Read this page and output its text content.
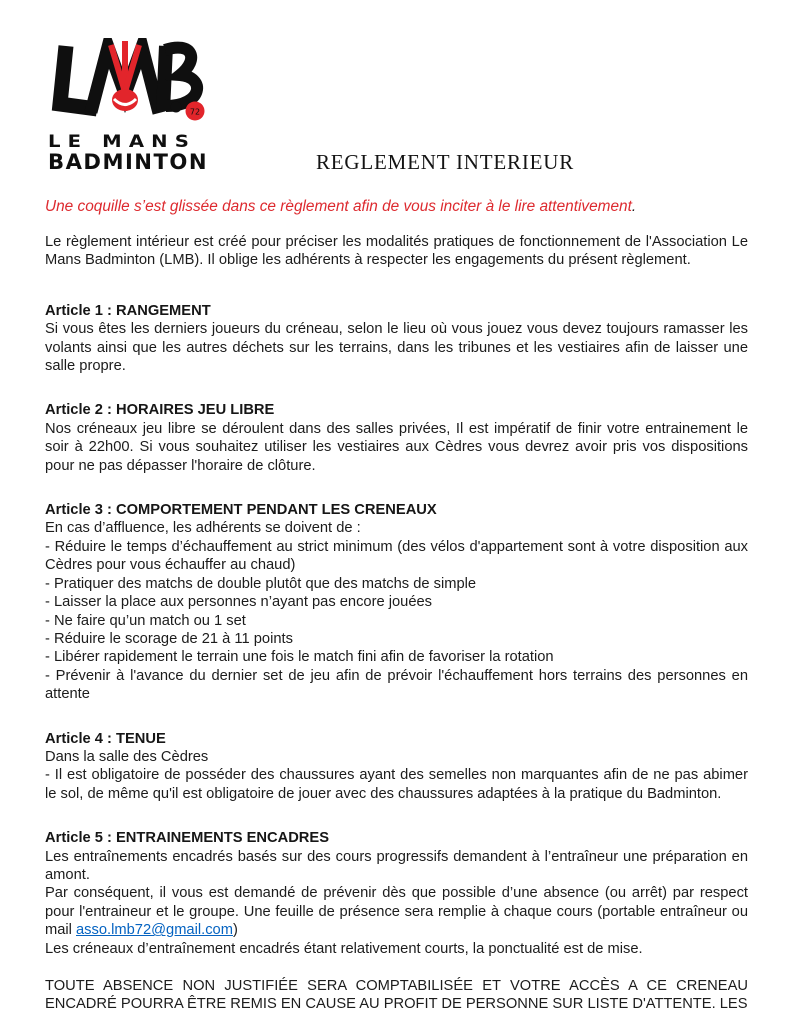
72
LE MANS
BADMINTON	REGLEMENT INTERIEUR

Une coquille s’est glissée dans ce règlement afin de vous inciter à le lire attentivement.

Le règlement intérieur est créé pour préciser les modalités pratiques de fonctionnement de l'Association Le Mans Badminton (LMB). Il oblige les adhérents à respecter les engagements du présent règlement.

Article 1 : RANGEMENT

Si vous êtes les derniers joueurs du créneau, selon le lieu où vous jouez vous devez toujours ramasser les volants ainsi que les autres déchets sur les terrains, dans les tribunes et les vestiaires afin de laisser une salle propre.

Article 2 : HORAIRES JEU LIBRE

Nos créneaux jeu libre se déroulent dans des salles privées, Il est impératif de finir votre entrainement le soir à 22h00. Si vous souhaitez utiliser les vestiaires aux Cèdres vous devrez avoir pris vos dispositions pour ne pas dépasser l'horaire de clôture.

Article 3 : COMPORTEMENT PENDANT LES CRENEAUX

En cas d’affluence, les adhérents se doivent de :

- Réduire le temps d’échauffement au strict minimum (des vélos d'appartement sont à votre disposition aux Cèdres pour vous échauffer au chaud)

- Pratiquer des matchs de double plutôt que des matchs de simple

- Laisser la place aux personnes n’ayant pas encore jouées

- Ne faire qu’un match ou 1 set

- Réduire le scorage de 21 à 11 points

- Libérer rapidement le terrain une fois le match fini afin de favoriser la rotation

- Prévenir à l'avance du dernier set de jeu afin de prévoir l'échauffement hors terrains des personnes en attente

Article 4 : TENUE

Dans la salle des Cèdres

- Il est obligatoire de posséder des chaussures ayant des semelles non marquantes afin de ne pas abimer le sol, de même qu'il est obligatoire de jouer avec des chaussures adaptées à la pratique du Badminton.

Article 5 : ENTRAINEMENTS ENCADRES

Les entraînements encadrés basés sur des cours progressifs demandent à l’entraîneur une préparation en amont.

Par conséquent, il vous est demandé de prévenir dès que possible d’une absence (ou arrêt) par respect pour l'entraineur et le groupe. Une feuille de présence sera remplie à chaque cours (portable entraîneur ou mail asso.lmb72@gmail.com)

Les créneaux d’entraînement encadrés étant relativement courts, la ponctualité est de mise.

TOUTE ABSENCE NON JUSTIFIÉE SERA COMPTABILISÉE ET VOTRE ACCÈS A CE CRENEAU ENCADRÉ POURRA ÊTRE REMIS EN CAUSE AU PROFIT DE PERSONNE SUR LISTE D'ATTENTE. LES
